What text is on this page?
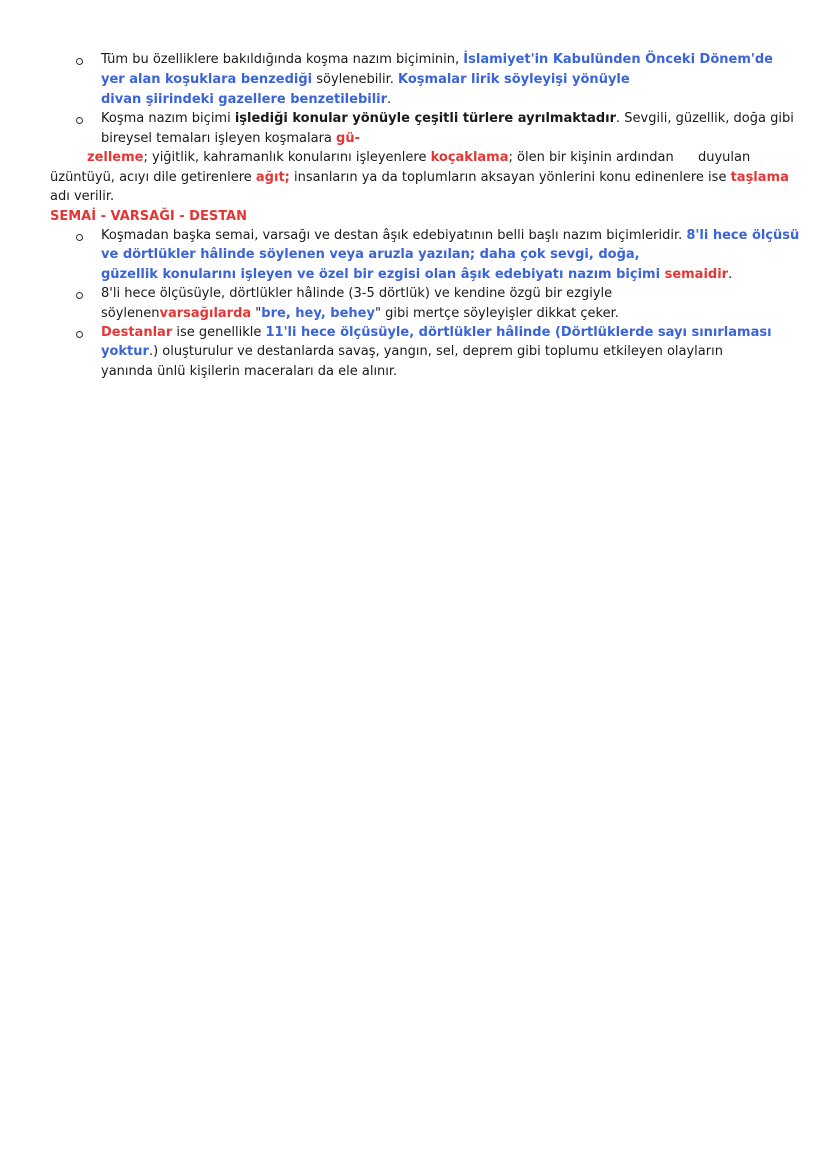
Tüm bu özelliklere bakıldığında koşma nazım biçiminin, İslamiyet'in Kabulünden Önceki Dönem'de
yer alan koşuklara benzediği söylenebilir. Koşmalar lirik söyleyişi yönüyle
divan şiirindeki gazellere benzetilebilir.
Koşma nazım biçimi işlediği konular yönüyle çeşitli türlere ayrılmaktadır. Sevgili, güzellik, doğa gibi
bireysel temaları işleyen koşmalara gü-
zelleme; yiğitlik, kahramanlık konularını işleyenlere koçaklama; ölen bir kişinin ardından duyulan
üzüntüyü, acıyı dile getirenlere ağıt; insanların ya da toplumların aksayan yönlerini konu edinenlere ise taşlama
adı verilir.
SEMAİ - VARSAĞI - DESTAN
Koşmadan başka semai, varsağı ve destan âşık edebiyatının belli başlı nazım biçimleridir. 8'li hece ölçüsü
ve dörtlükler hâlinde söylenen veya aruzla yazılan; daha çok sevgi, doğa,
güzellik konularını işleyen ve özel bir ezgisi olan âşık edebiyatı nazım biçimi semaidir.
8'li hece ölçüsüyle, dörtlükler hâlinde (3-5 dörtlük) ve kendine özgü bir ezgiyle
söylenenvarsağılarda "bre, hey, behey" gibi mertçe söyleyişler dikkat çeker.
Destanlar ise genellikle 11'li hece ölçüsüyle, dörtlükler hâlinde (Dörtlüklerde sayı sınırlaması
yoktur.) oluşturulur ve destanlarda savaş, yangın, sel, deprem gibi toplumu etkileyen olayların
yanında ünlü kişilerin maceraları da ele alınır.
